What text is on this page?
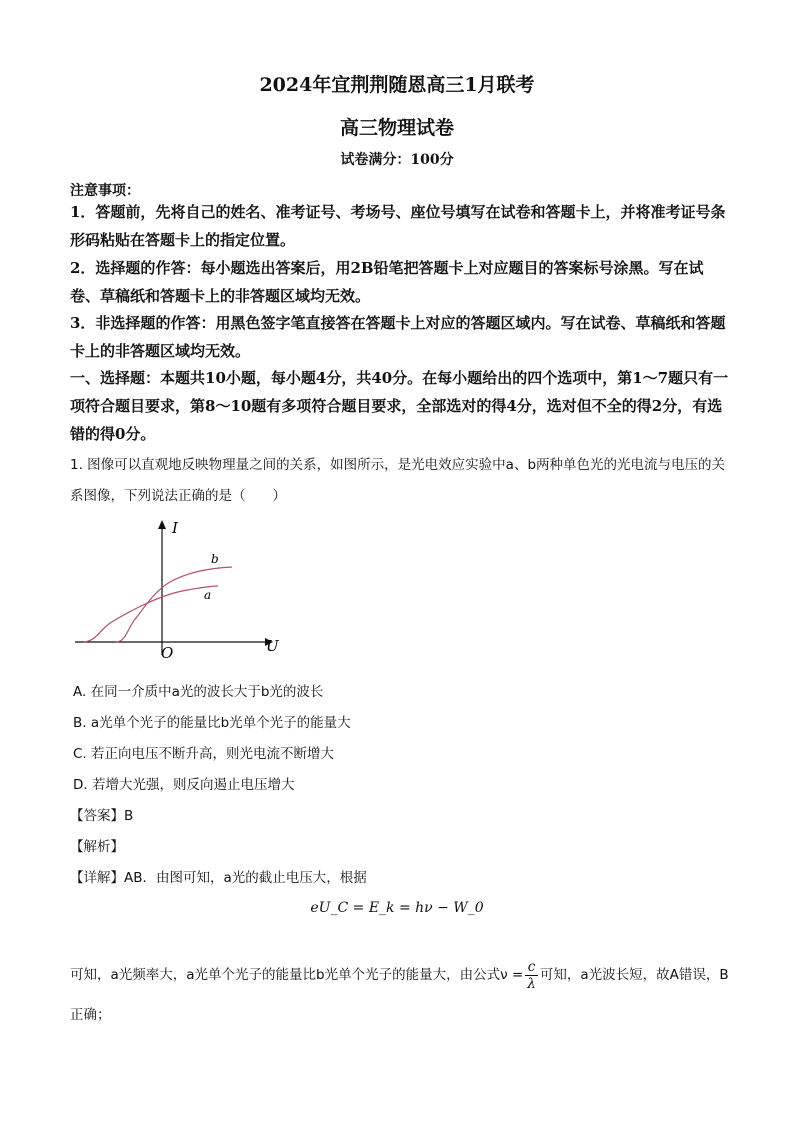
2024年宜荆荆随恩高三1月联考
高三物理试卷
试卷满分：100分
注意事项：
1．答题前，先将自己的姓名、准考证号、考场号、座位号填写在试卷和答题卡上，并将准考证号条形码粘贴在答题卡上的指定位置。
2．选择题的作答：每小题选出答案后，用2B铅笔把答题卡上对应题目的答案标号涂黑。写在试卷、草稿纸和答题卡上的非答题区域均无效。
3．非选择题的作答：用黑色签字笔直接答在答题卡上对应的答题区域内。写在试卷、草稿纸和答题卡上的非答题区域均无效。
一、选择题：本题共10小题，每小题4分，共40分。在每小题给出的四个选项中，第1～7题只有一项符合题目要求，第8～10题有多项符合题目要求，全部选对的得4分，选对但不全的得2分，有选错的得0分。
1. 图像可以直观地反映物理量之间的关系，如图所示，是光电效应实验中a、b两种单色光的光电流与电压的关系图像，下列说法正确的是（　　）
I
U
O
b
a
A. 在同一介质中a光的波长大于b光的波长
B. a光单个光子的能量比b光单个光子的能量大
C. 若正向电压不断升高，则光电流不断增大
D. 若增大光强，则反向遏止电压增大
【答案】B
【解析】
【详解】AB．由图可知，a光的截止电压大，根据
eU_C = E_k = hν − W_0
可知，a光频率大，a光单个光子的能量比b光单个光子的能量大，由公式$\nu = \frac{c}{\lambda}$ 可知，a光波长短，故A错误，B正确；
